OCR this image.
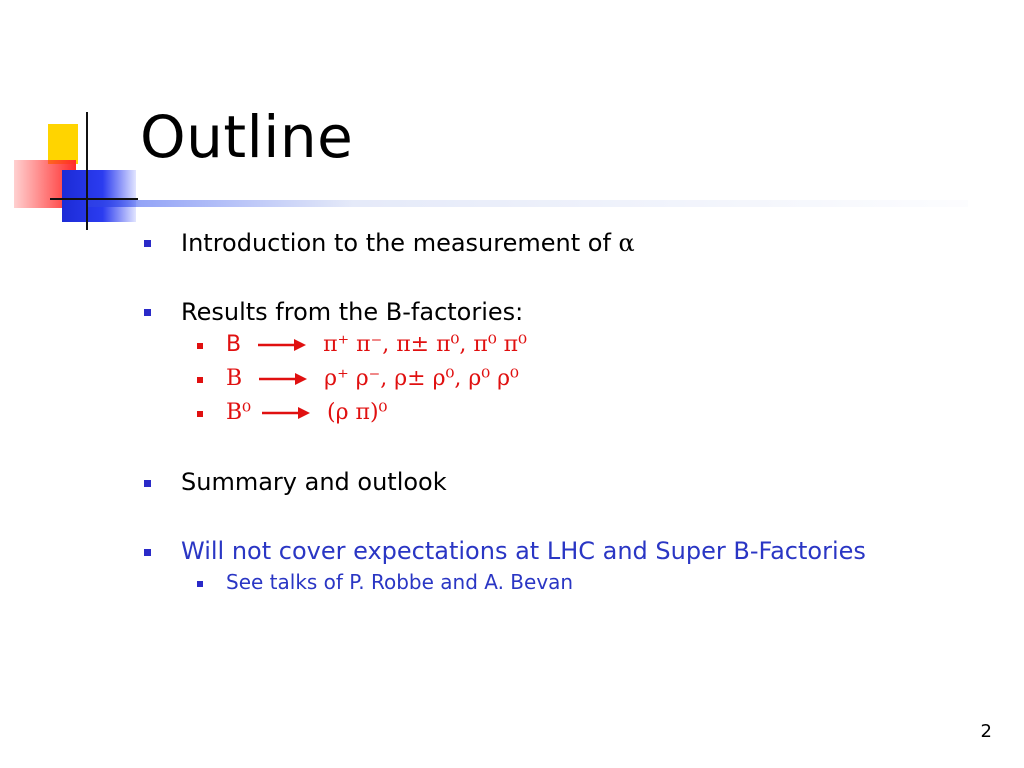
Outline
Introduction to the measurement of α
Results from the B-factories:
B	π⁺ π⁻, π± π⁰, π⁰ π⁰
B	ρ⁺ ρ⁻, ρ± ρ⁰, ρ⁰ ρ⁰
B⁰	(ρ π)⁰
Summary and outlook
Will not cover expectations at LHC and Super B-Factories
See talks of P. Robbe and A. Bevan
2
